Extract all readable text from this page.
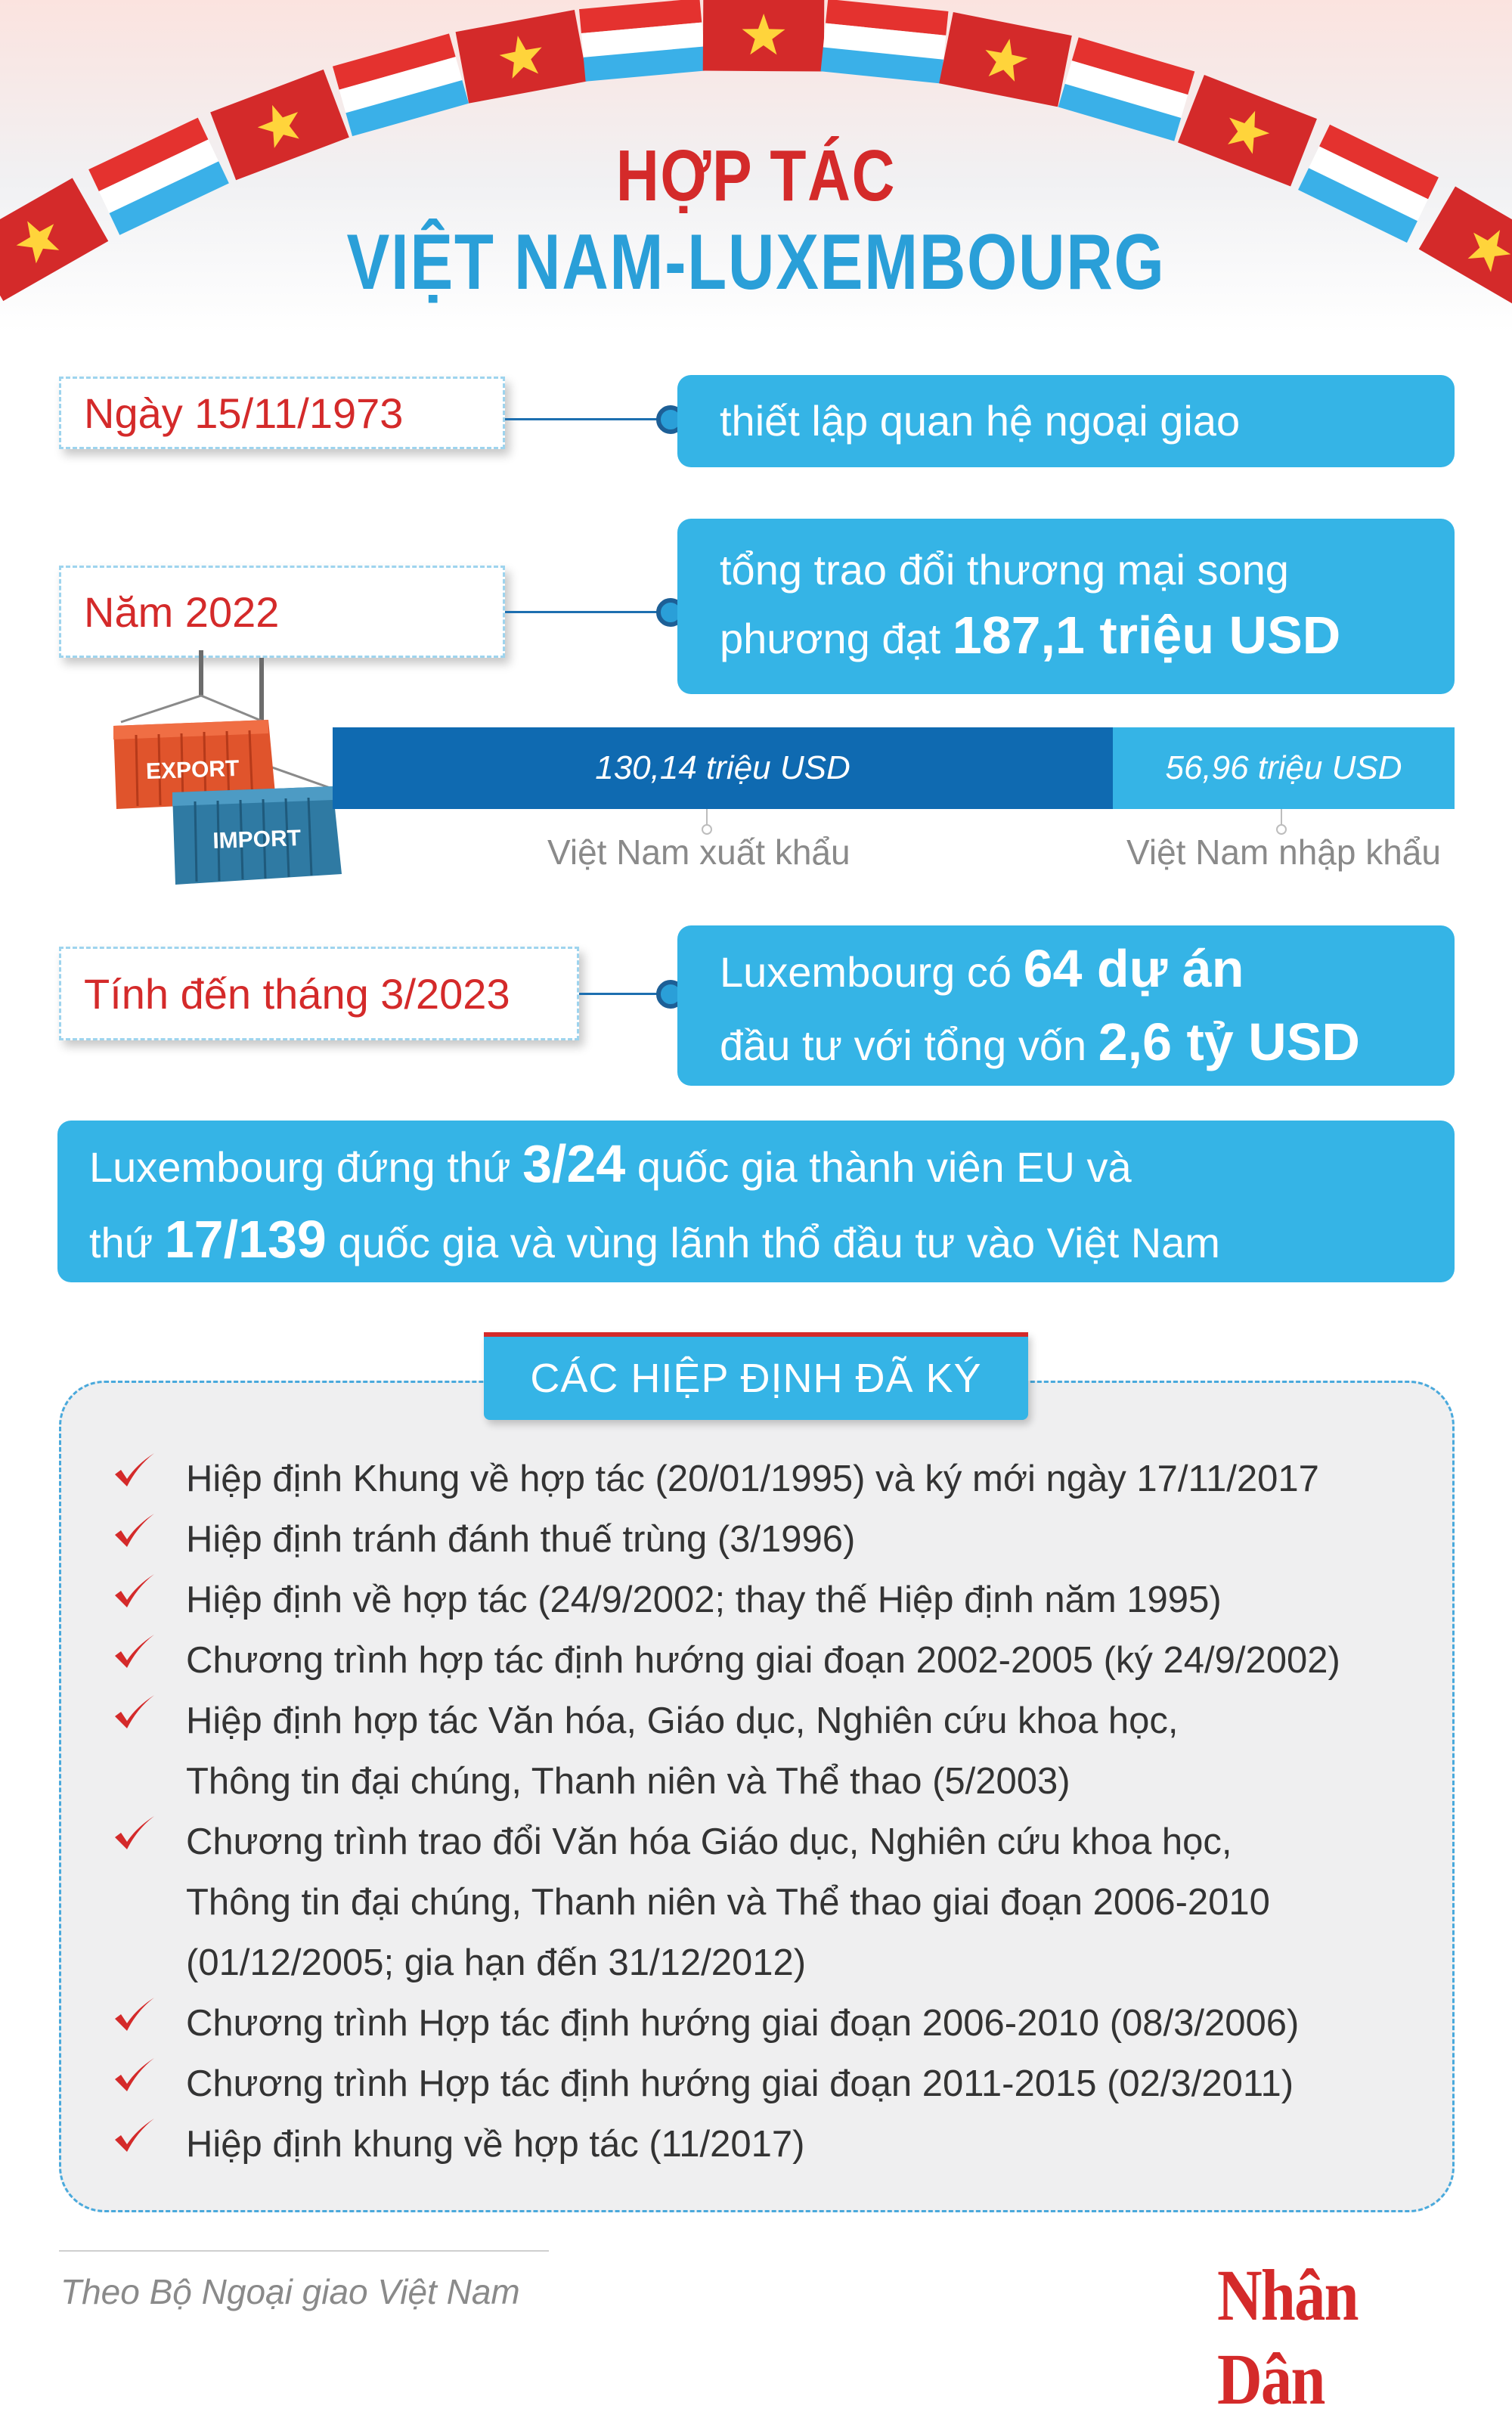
HỢP TÁC
VIỆT NAM-LUXEMBOURG
Ngày 15/11/1973	thiết lập quan hệ ngoại giao
Năm 2022
tổng trao đổi thương mại song
phương đạt 187,1 triệu USD
EXPORT
IMPORT
130,14 triệu USD	56,96 triệu USD
Việt Nam xuất khẩu	Việt Nam nhập khẩu
Tính đến tháng 3/2023	Luxembourg có 64 dự án
đầu tư với tổng vốn 2,6 tỷ USD
Luxembourg đứng thứ 3/24 quốc gia thành viên EU và
thứ 17/139 quốc gia và vùng lãnh thổ đầu tư vào Việt Nam
CÁC HIỆP ĐỊNH ĐÃ KÝ
Hiệp định Khung về hợp tác (20/01/1995) và ký mới ngày 17/11/2017
Hiệp định tránh đánh thuế trùng (3/1996)
Hiệp định về hợp tác (24/9/2002; thay thế Hiệp định năm 1995)
Chương trình hợp tác định hướng giai đoạn 2002-2005 (ký 24/9/2002)
Hiệp định hợp tác Văn hóa, Giáo dục, Nghiên cứu khoa học,
Thông tin đại chúng, Thanh niên và Thể thao (5/2003)
Chương trình trao đổi Văn hóa Giáo dục, Nghiên cứu khoa học,
Thông tin đại chúng, Thanh niên và Thể thao giai đoạn 2006-2010
(01/12/2005; gia hạn đến 31/12/2012)
Chương trình Hợp tác định hướng giai đoạn 2006-2010 (08/3/2006)
Chương trình Hợp tác định hướng giai đoạn 2011-2015 (02/3/2011)
Hiệp định khung về hợp tác (11/2017)
Theo Bộ Ngoại giao Việt Nam	Nhân Dân
